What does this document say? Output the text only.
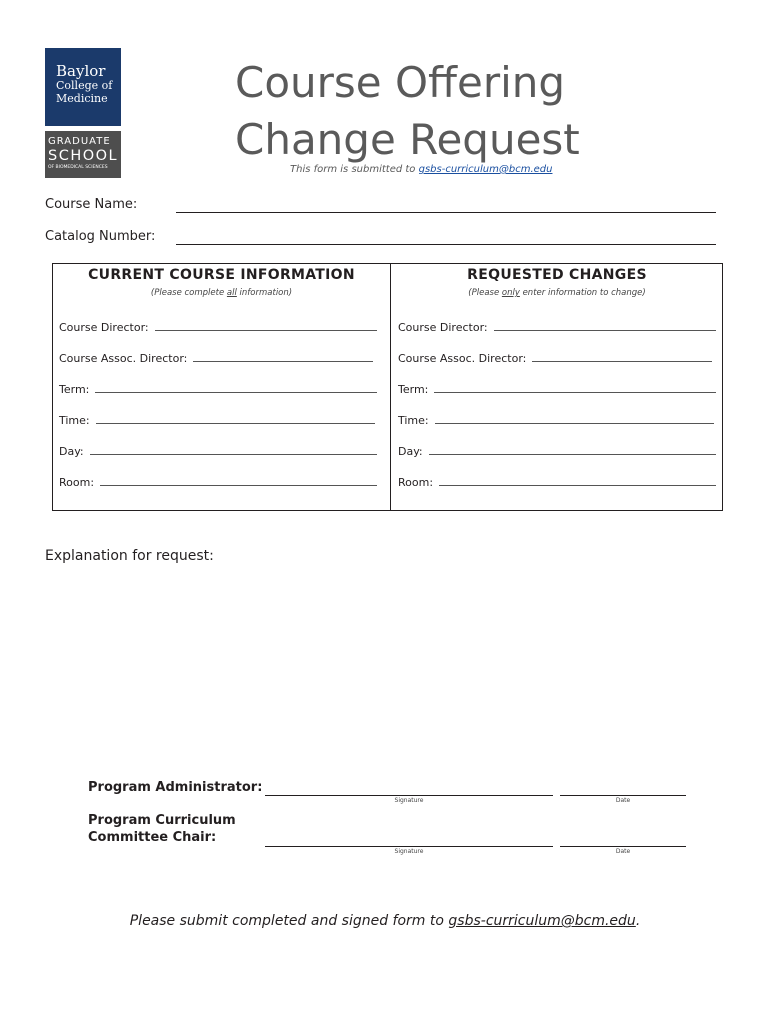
Baylor
College of
Medicine
GRADUATE
SCHOOL
OF BIOMEDICAL SCIENCES
Course Offering
Change Request
This form is submitted to gsbs-curriculum@bcm.edu
Course Name:
Catalog Number:
CURRENT COURSE INFORMATION
(Please complete all information)
REQUESTED CHANGES
(Please only enter information to change)
Course Director:
Course Assoc. Director:
Term:
Time:
Day:
Room:
Course Director:
Course Assoc. Director:
Term:
Time:
Day:
Room:
Explanation for request:
Program Administrator:
Signature	Date
Program Curriculum
Committee Chair:
Signature	Date
Please submit completed and signed form to gsbs-curriculum@bcm.edu.
